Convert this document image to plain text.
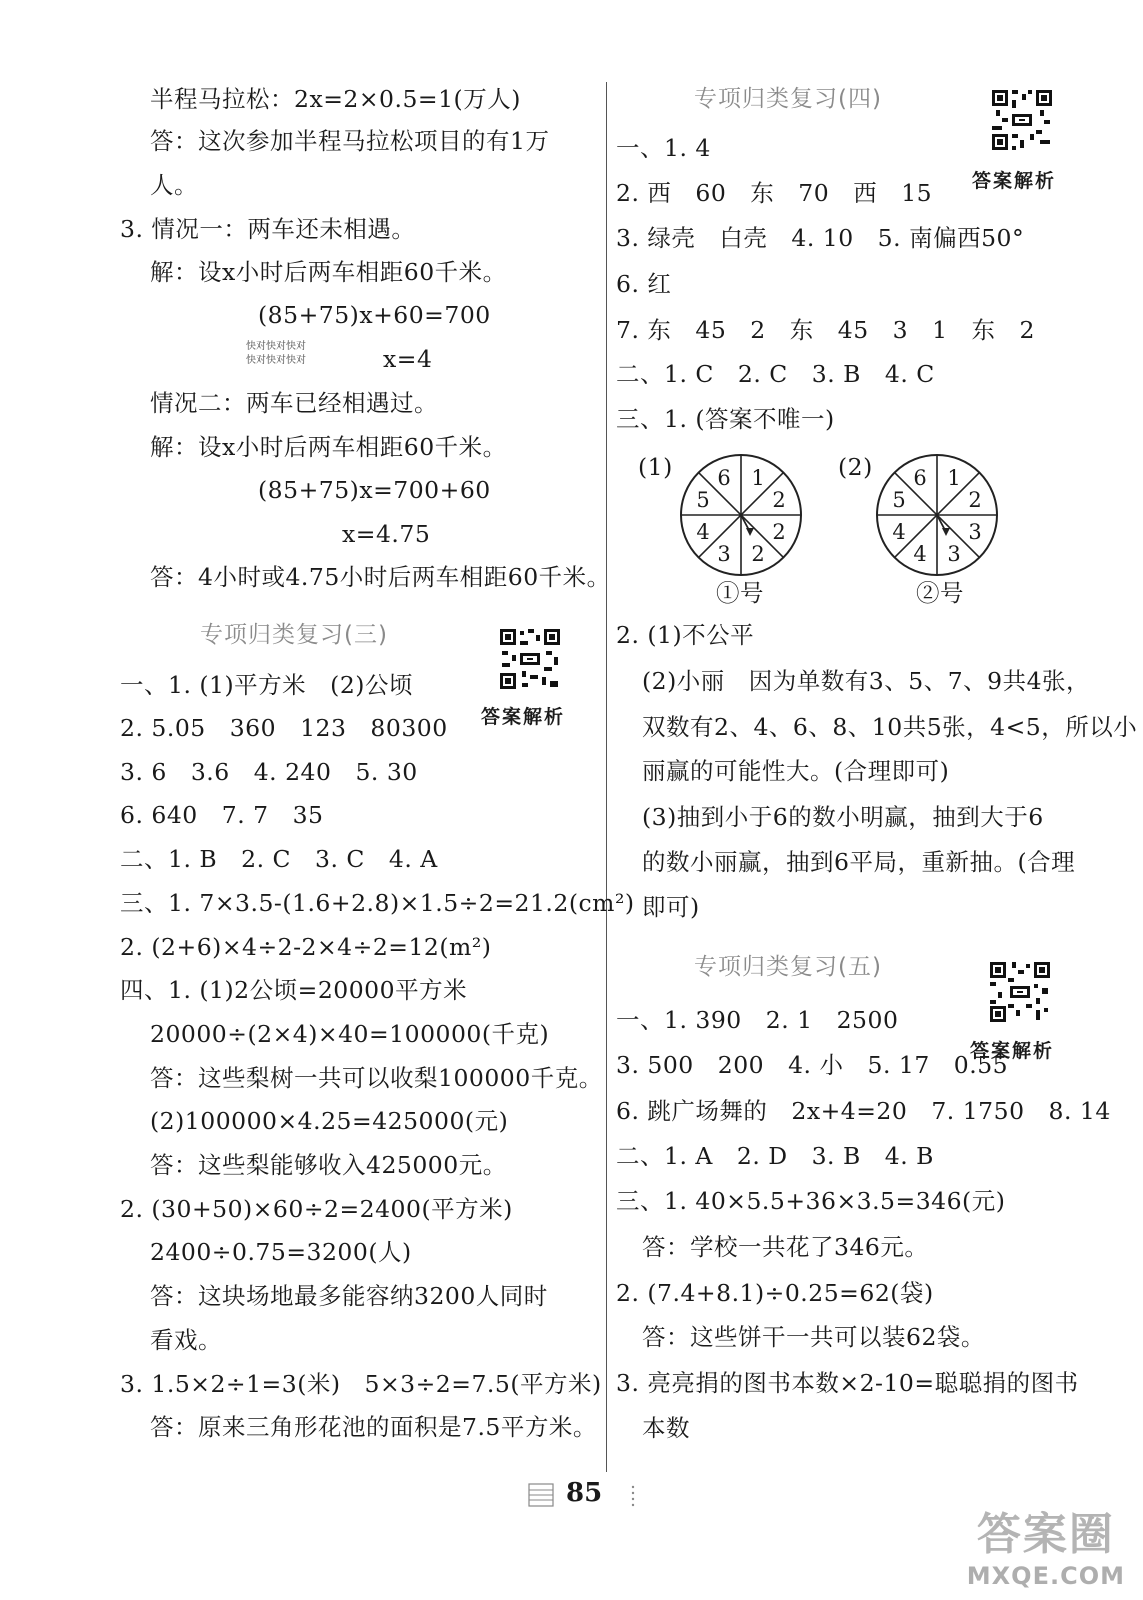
半程马拉松：2x=2×0.5=1(万人)
答：这次参加半程马拉松项目的有1万
人。
3. 情况一：两车还未相遇。
解：设x小时后两车相距60千米。
(85+75)x+60=700
快对快对快对
快对快对快对	x=4
情况二：两车已经相遇过。
解：设x小时后两车相距60千米。
(85+75)x=700+60
x=4.75
答：4小时或4.75小时后两车相距60千米。
专项归类复习(三)
答案解析
一、1. (1)平方米　(2)公顷
2. 5.05　360　123　80300
3. 6　3.6　4. 240　5. 30
6. 640　7. 7　35
二、1. B　2. C　3. C　4. A
三、1. 7×3.5-(1.6+2.8)×1.5÷2=21.2(cm²)
2. (2+6)×4÷2-2×4÷2=12(m²)
四、1. (1)2公顷=20000平方米
20000÷(2×4)×40=100000(千克)
答：这些梨树一共可以收梨100000千克。
(2)100000×4.25=425000(元)
答：这些梨能够收入425000元。
2. (30+50)×60÷2=2400(平方米)
2400÷0.75=3200(人)
答：这块场地最多能容纳3200人同时
看戏。
3. 1.5×2÷1=3(米)　5×3÷2=7.5(平方米)
答：原来三角形花池的面积是7.5平方米。
专项归类复习(四)
答案解析
一、1. 4
2. 西　60　东　70　西　15
3. 绿壳　白壳　4. 10　5. 南偏西50°
6. 红
7. 东　45　2　东　45　3　1　东　2
二、1. C　2. C　3. B　4. C
三、1. (答案不唯一)
(1)	1
2
2
2
3
4
5
6
①号
(2)	1
2
3
3
4
4
5
6
②号
2. (1)不公平
(2)小丽　因为单数有3、5、7、9共4张，
双数有2、4、6、8、10共5张，4<5，所以小
丽赢的可能性大。(合理即可)
(3)抽到小于6的数小明赢，抽到大于6
的数小丽赢，抽到6平局，重新抽。(合理
即可)
专项归类复习(五)
答案解析
一、1. 390　2. 1　2500
3. 500　200　4. 小　5. 17　0.55
6. 跳广场舞的　2x+4=20　7. 1750　8. 14
二、1. A　2. D　3. B　4. B
三、1. 40×5.5+36×3.5=346(元)
答：学校一共花了346元。
2. (7.4+8.1)÷0.25=62(袋)
答：这些饼干一共可以装62袋。
3. 亮亮捐的图书本数×2-10=聪聪捐的图书
本数
85
答案圈
MXQE.COM
